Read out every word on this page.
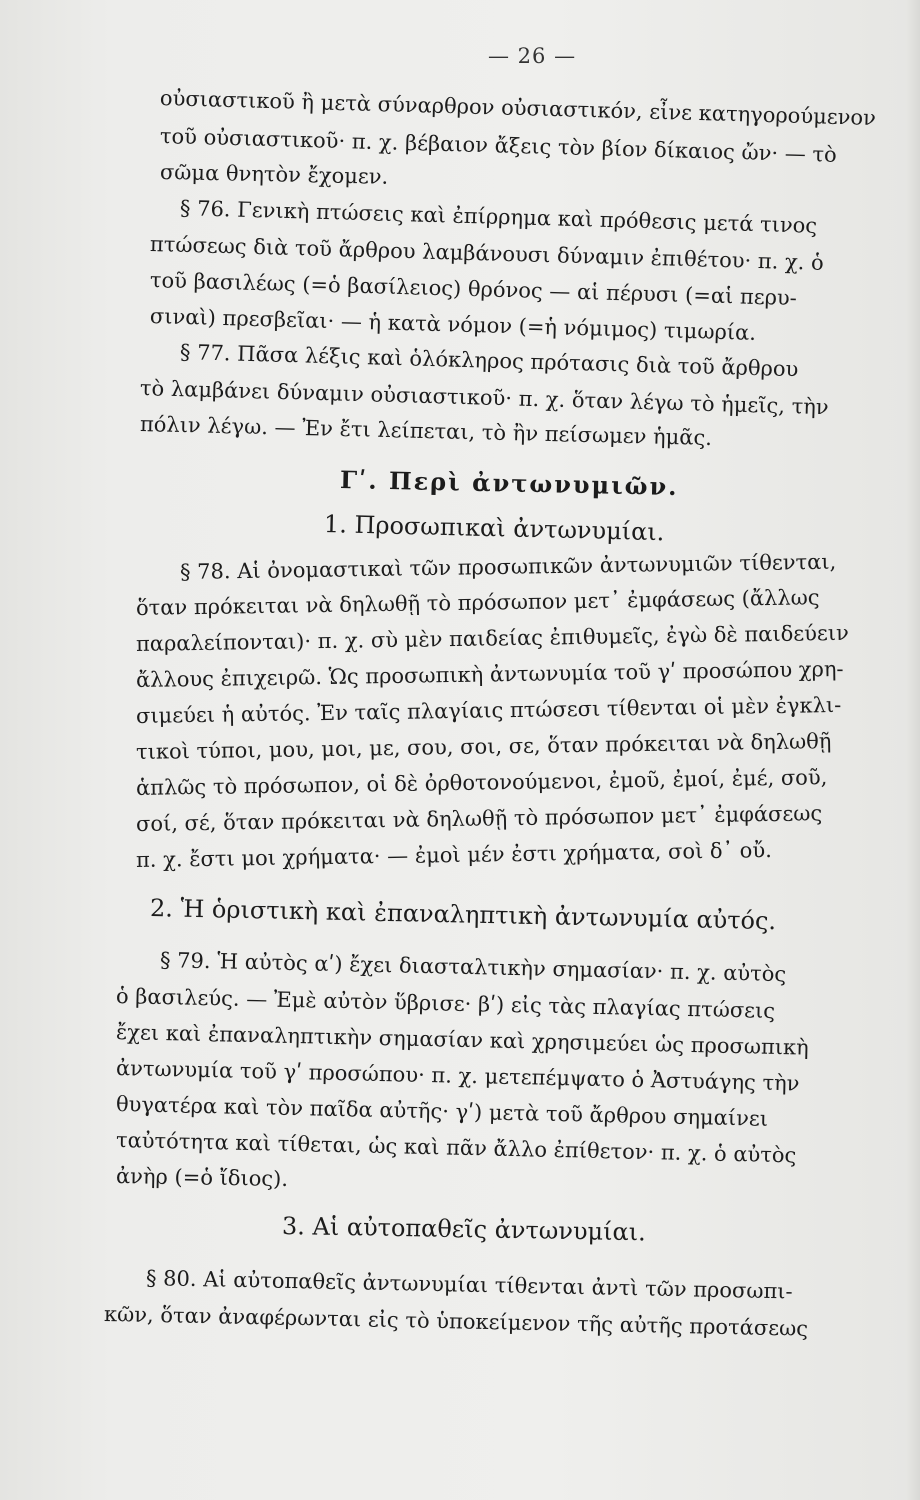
— 26 —
οὐσιαστικοῦ ἢ μετὰ σύναρθρον οὐσιαστικόν, εἶνε κατηγορούμενον
τοῦ οὐσιαστικοῦ· π. χ. βέβαιον ἄξεις τὸν βίον δίκαιος ὤν· — τὸ
σῶμα θνητὸν ἔχομεν.
§ 76. Γενικὴ πτώσεις καὶ ἐπίρρημα καὶ πρόθεσις μετά τινος
πτώσεως διὰ τοῦ ἄρθρου λαμβάνουσι δύναμιν ἐπιθέτου· π. χ. ὁ
τοῦ βασιλέως (=ὁ βασίλειος) θρόνος — αἱ πέρυσι (=αἱ περυ-
σιναὶ) πρεσβεῖαι· — ἡ κατὰ νόμον (=ἡ νόμιμος) τιμωρία.
§ 77. Πᾶσα λέξις καὶ ὁλόκληρος πρότασις διὰ τοῦ ἄρθρου
τὸ λαμβάνει δύναμιν οὐσιαστικοῦ· π. χ. ὅταν λέγω τὸ ἡμεῖς, τὴν
πόλιν λέγω. — Ἐν ἔτι λείπεται, τὸ ἢν πείσωμεν ἡμᾶς.
Γʹ. Περὶ ἀντωνυμιῶν.
1. Προσωπικαὶ ἀντωνυμίαι.
§ 78. Αἱ ὀνομαστικαὶ τῶν προσωπικῶν ἀντωνυμιῶν τίθενται,
ὅταν πρόκειται νὰ δηλωθῇ τὸ πρόσωπον μετ᾽ ἐμφάσεως (ἄλλως
παραλείπονται)· π. χ. σὺ μὲν παιδείας ἐπιθυμεῖς, ἐγὼ δὲ παιδεύειν
ἄλλους ἐπιχειρῶ. Ὡς προσωπικὴ ἀντωνυμία τοῦ γʹ προσώπου χρη-
σιμεύει ἡ αὐτός. Ἐν ταῖς πλαγίαις πτώσεσι τίθενται οἱ μὲν ἐγκλι-
τικοὶ τύποι, μου, μοι, με, σου, σοι, σε, ὅταν πρόκειται νὰ δηλωθῇ
ἁπλῶς τὸ πρόσωπον, οἱ δὲ ὀρθοτονούμενοι, ἐμοῦ, ἐμοί, ἐμέ, σοῦ,
σοί, σέ, ὅταν πρόκειται νὰ δηλωθῇ τὸ πρόσωπον μετ᾽ ἐμφάσεως
π. χ. ἔστι μοι χρήματα· — ἐμοὶ μέν ἐστι χρήματα, σοὶ δ᾽ οὔ.
2. Ἡ ὁριστικὴ καὶ ἐπαναληπτικὴ ἀντωνυμία αὐτός.
§ 79. Ἡ αὐτὸς αʹ) ἔχει διασταλτικὴν σημασίαν· π. χ. αὐτὸς
ὁ βασιλεύς. — Ἐμὲ αὐτὸν ὕβρισε· βʹ) εἰς τὰς πλαγίας πτώσεις
ἔχει καὶ ἐπαναληπτικὴν σημασίαν καὶ χρησιμεύει ὡς προσωπικὴ
ἀντωνυμία τοῦ γʹ προσώπου· π. χ. μετεπέμψατο ὁ Ἀστυάγης τὴν
θυγατέρα καὶ τὸν παῖδα αὐτῆς· γʹ) μετὰ τοῦ ἄρθρου σημαίνει
ταὐτότητα καὶ τίθεται, ὡς καὶ πᾶν ἄλλο ἐπίθετον· π. χ. ὁ αὐτὸς
ἀνὴρ (=ὁ ἴδιος).
3. Αἱ αὐτοπαθεῖς ἀντωνυμίαι.
§ 80. Αἱ αὐτοπαθεῖς ἀντωνυμίαι τίθενται ἀντὶ τῶν προσωπι-
κῶν, ὅταν ἀναφέρωνται εἰς τὸ ὑποκείμενον τῆς αὐτῆς προτάσεως
